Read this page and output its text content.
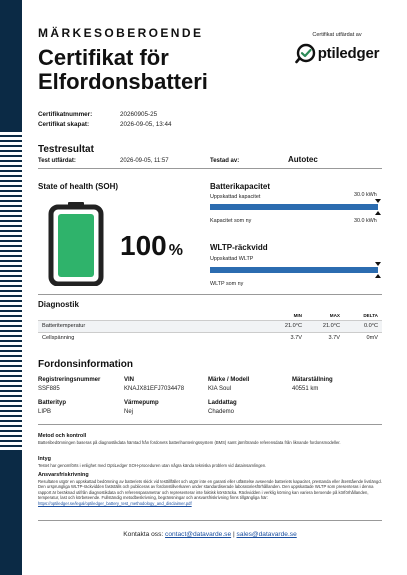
MÄRKESOBEROENDE
Certifikat för Elfordonsbatteri
Certifikat utfärdat av
ptiledger
Certifikatnummer:	20260905-25
Certifikat skapat:	2026-09-05, 13:44
Testresultat
Test utfärdat:	2026-09-05, 11:57	Testad av:	Autotec
State of health (SOH)
100 %
Batterikapacitet
Uppskattad kapacitet	30.0 kWh
Kapacitet som ny	30.0 kWh
WLTP-räckvidd
Uppskattad WLTP
WLTP som ny
Diagnostik
	MIN	MAX	DELTA
Batteritemperatur	21.0°C	21.0°C	0.0°C
Cellspänning	3.7V	3.7V	0mV
Fordonsinformation
Registreringsnummer
SSF885
VIN
KNAJX81EFJ7034478
Märke / Modell
KIA Soul
Mätarställning
40551 km
Batterityp
LIPB
Värmepump
Nej
Laddattag
Chademo
Metod och kontroll
Batteribedömningen baseras på diagnostikdata hämtad från fordonets batterihanteringssystem (BMS) samt jämförande referensdata från liknande fordonsmodeller.
Intyg
Testet har genomförts i enlighet med OptiLedger SOH-proceduren utan några kända tekniska problem vid datainsamlingen.
Ansvarsfriskrivning
Resultaten utgör en uppskattad bedömning av batteriets skick vid testtillfället och utgör inte en garanti eller utfästelse avseende batteriets kapacitet, prestanda eller återstående livslängd. Den ursprungliga WLTP-räckvidden fastställs och publiceras av fordonstillverkaren under standardiserade laboratoriesförhållanden. Den uppskattade WLTP som presenteras i denna rapport är beräknad utifrån diagnostikdata och referensparametrar och representerar inte faktisk körsträcka. Räckvidden i verklig körning kan variera beroende på körförhållanden, temperatur, last och körbeteende. Fullständig metodbeskrivning, begränsningar och ansvarsfriskrivning finns tillgängliga här: https://optiledger.se/legal/optiledger_battery_test_methodology_and_disclaimer.pdf
Kontakta oss: contact@datavarde.se | sales@datavarde.se
